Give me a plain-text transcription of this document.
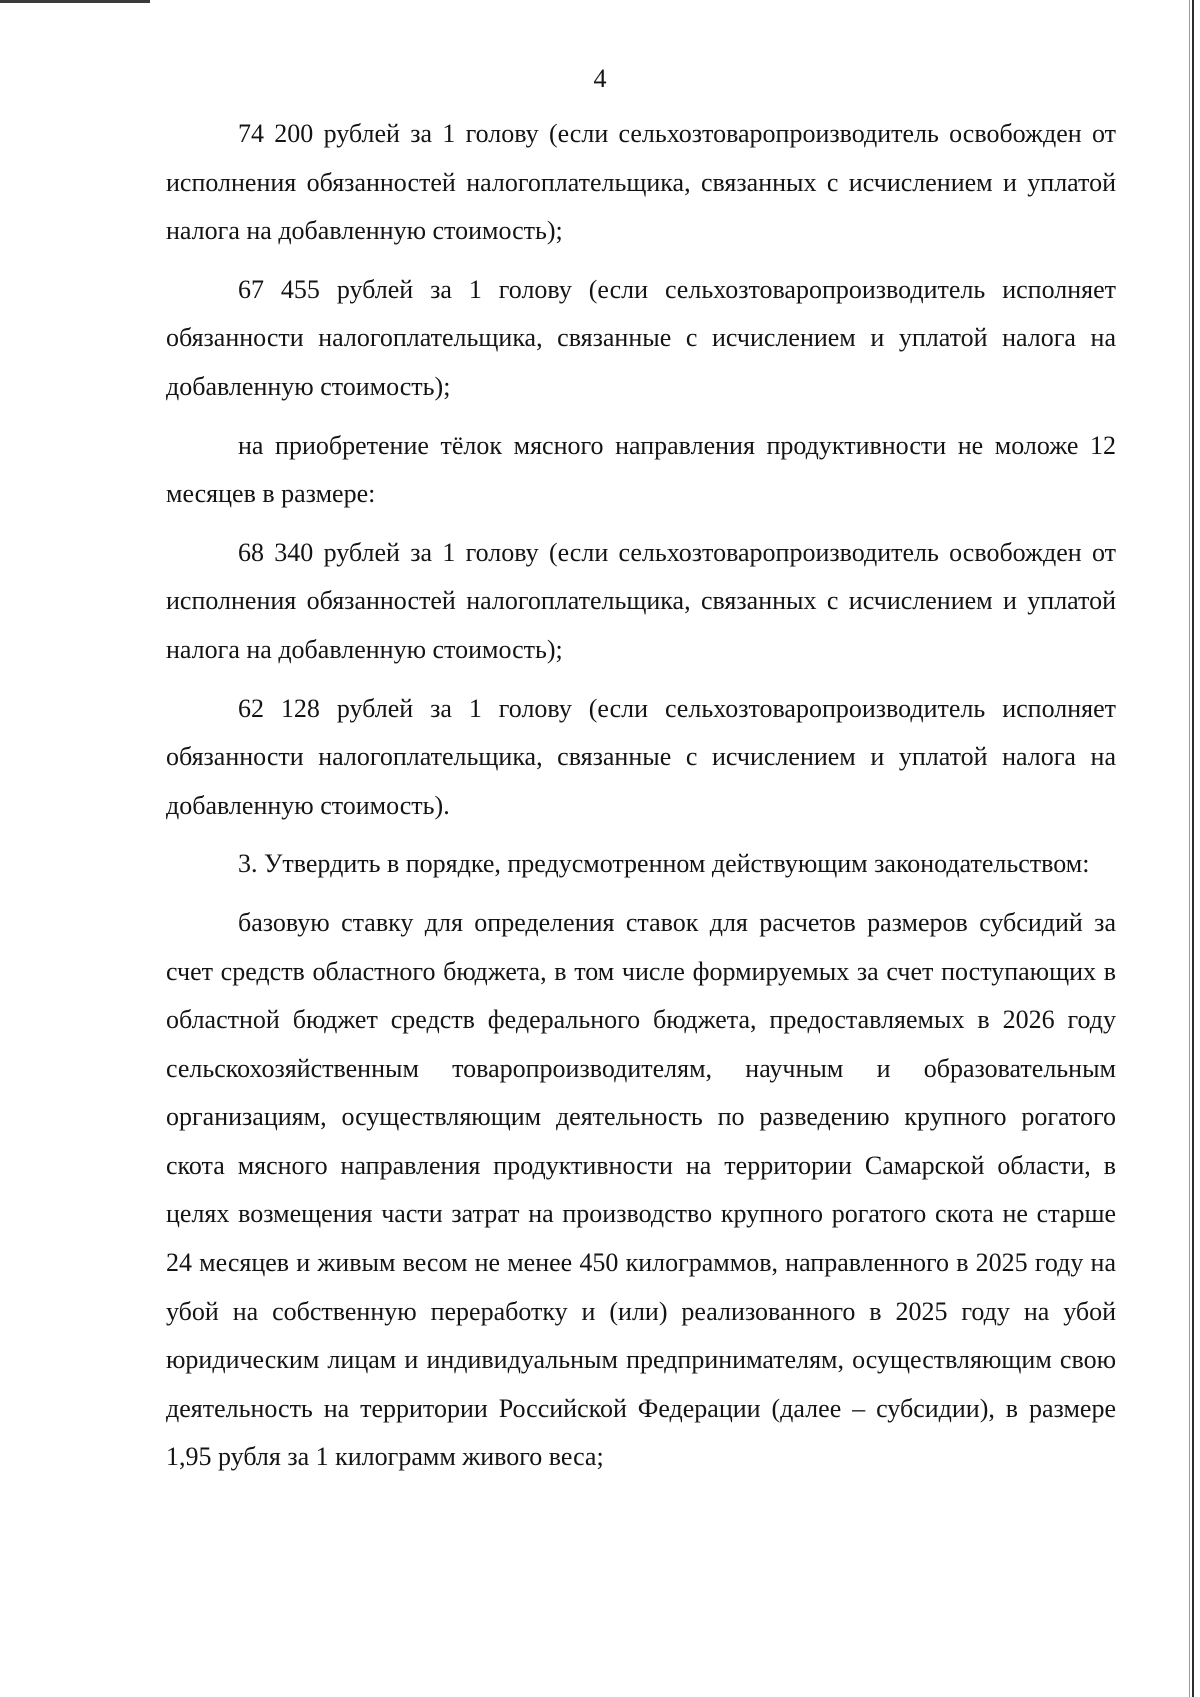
4

74 200 рублей за 1 голову (если сельхозтоваропроизводитель освобожден от исполнения обязанностей налогоплательщика, связанных с исчислением и уплатой налога на добавленную стоимость);

67 455 рублей за 1 голову (если сельхозтоваропроизводитель исполняет обязанности налогоплательщика, связанные с исчислением и уплатой налога на добавленную стоимость);

на приобретение тёлок мясного направления продуктивности не моложе 12 месяцев в размере:

68 340 рублей за 1 голову (если сельхозтоваропроизводитель освобожден от исполнения обязанностей налогоплательщика, связанных с исчислением и уплатой налога на добавленную стоимость);

62 128 рублей за 1 голову (если сельхозтоваропроизводитель исполняет обязанности налогоплательщика, связанные с исчислением и уплатой налога на добавленную стоимость).

3. Утвердить в порядке, предусмотренном действующим законодательством:

базовую ставку для определения ставок для расчетов размеров субсидий за счет средств областного бюджета, в том числе формируемых за счет поступающих в областной бюджет средств федерального бюджета, предоставляемых в 2026 году сельскохозяйственным товаропроизводителям, научным и образовательным организациям, осуществляющим деятельность по разведению крупного рогатого скота мясного направления продуктивности на территории Самарской области, в целях возмещения части затрат на производство крупного рогатого скота не старше 24 месяцев и живым весом не менее 450 килограммов, направленного в 2025 году на убой на собственную переработку и (или) реализованного в 2025 году на убой юридическим лицам и индивидуальным предпринимателям, осуществляющим свою деятельность на территории Российской Федерации (далее – субсидии), в размере 1,95 рубля за 1 килограмм живого веса;
